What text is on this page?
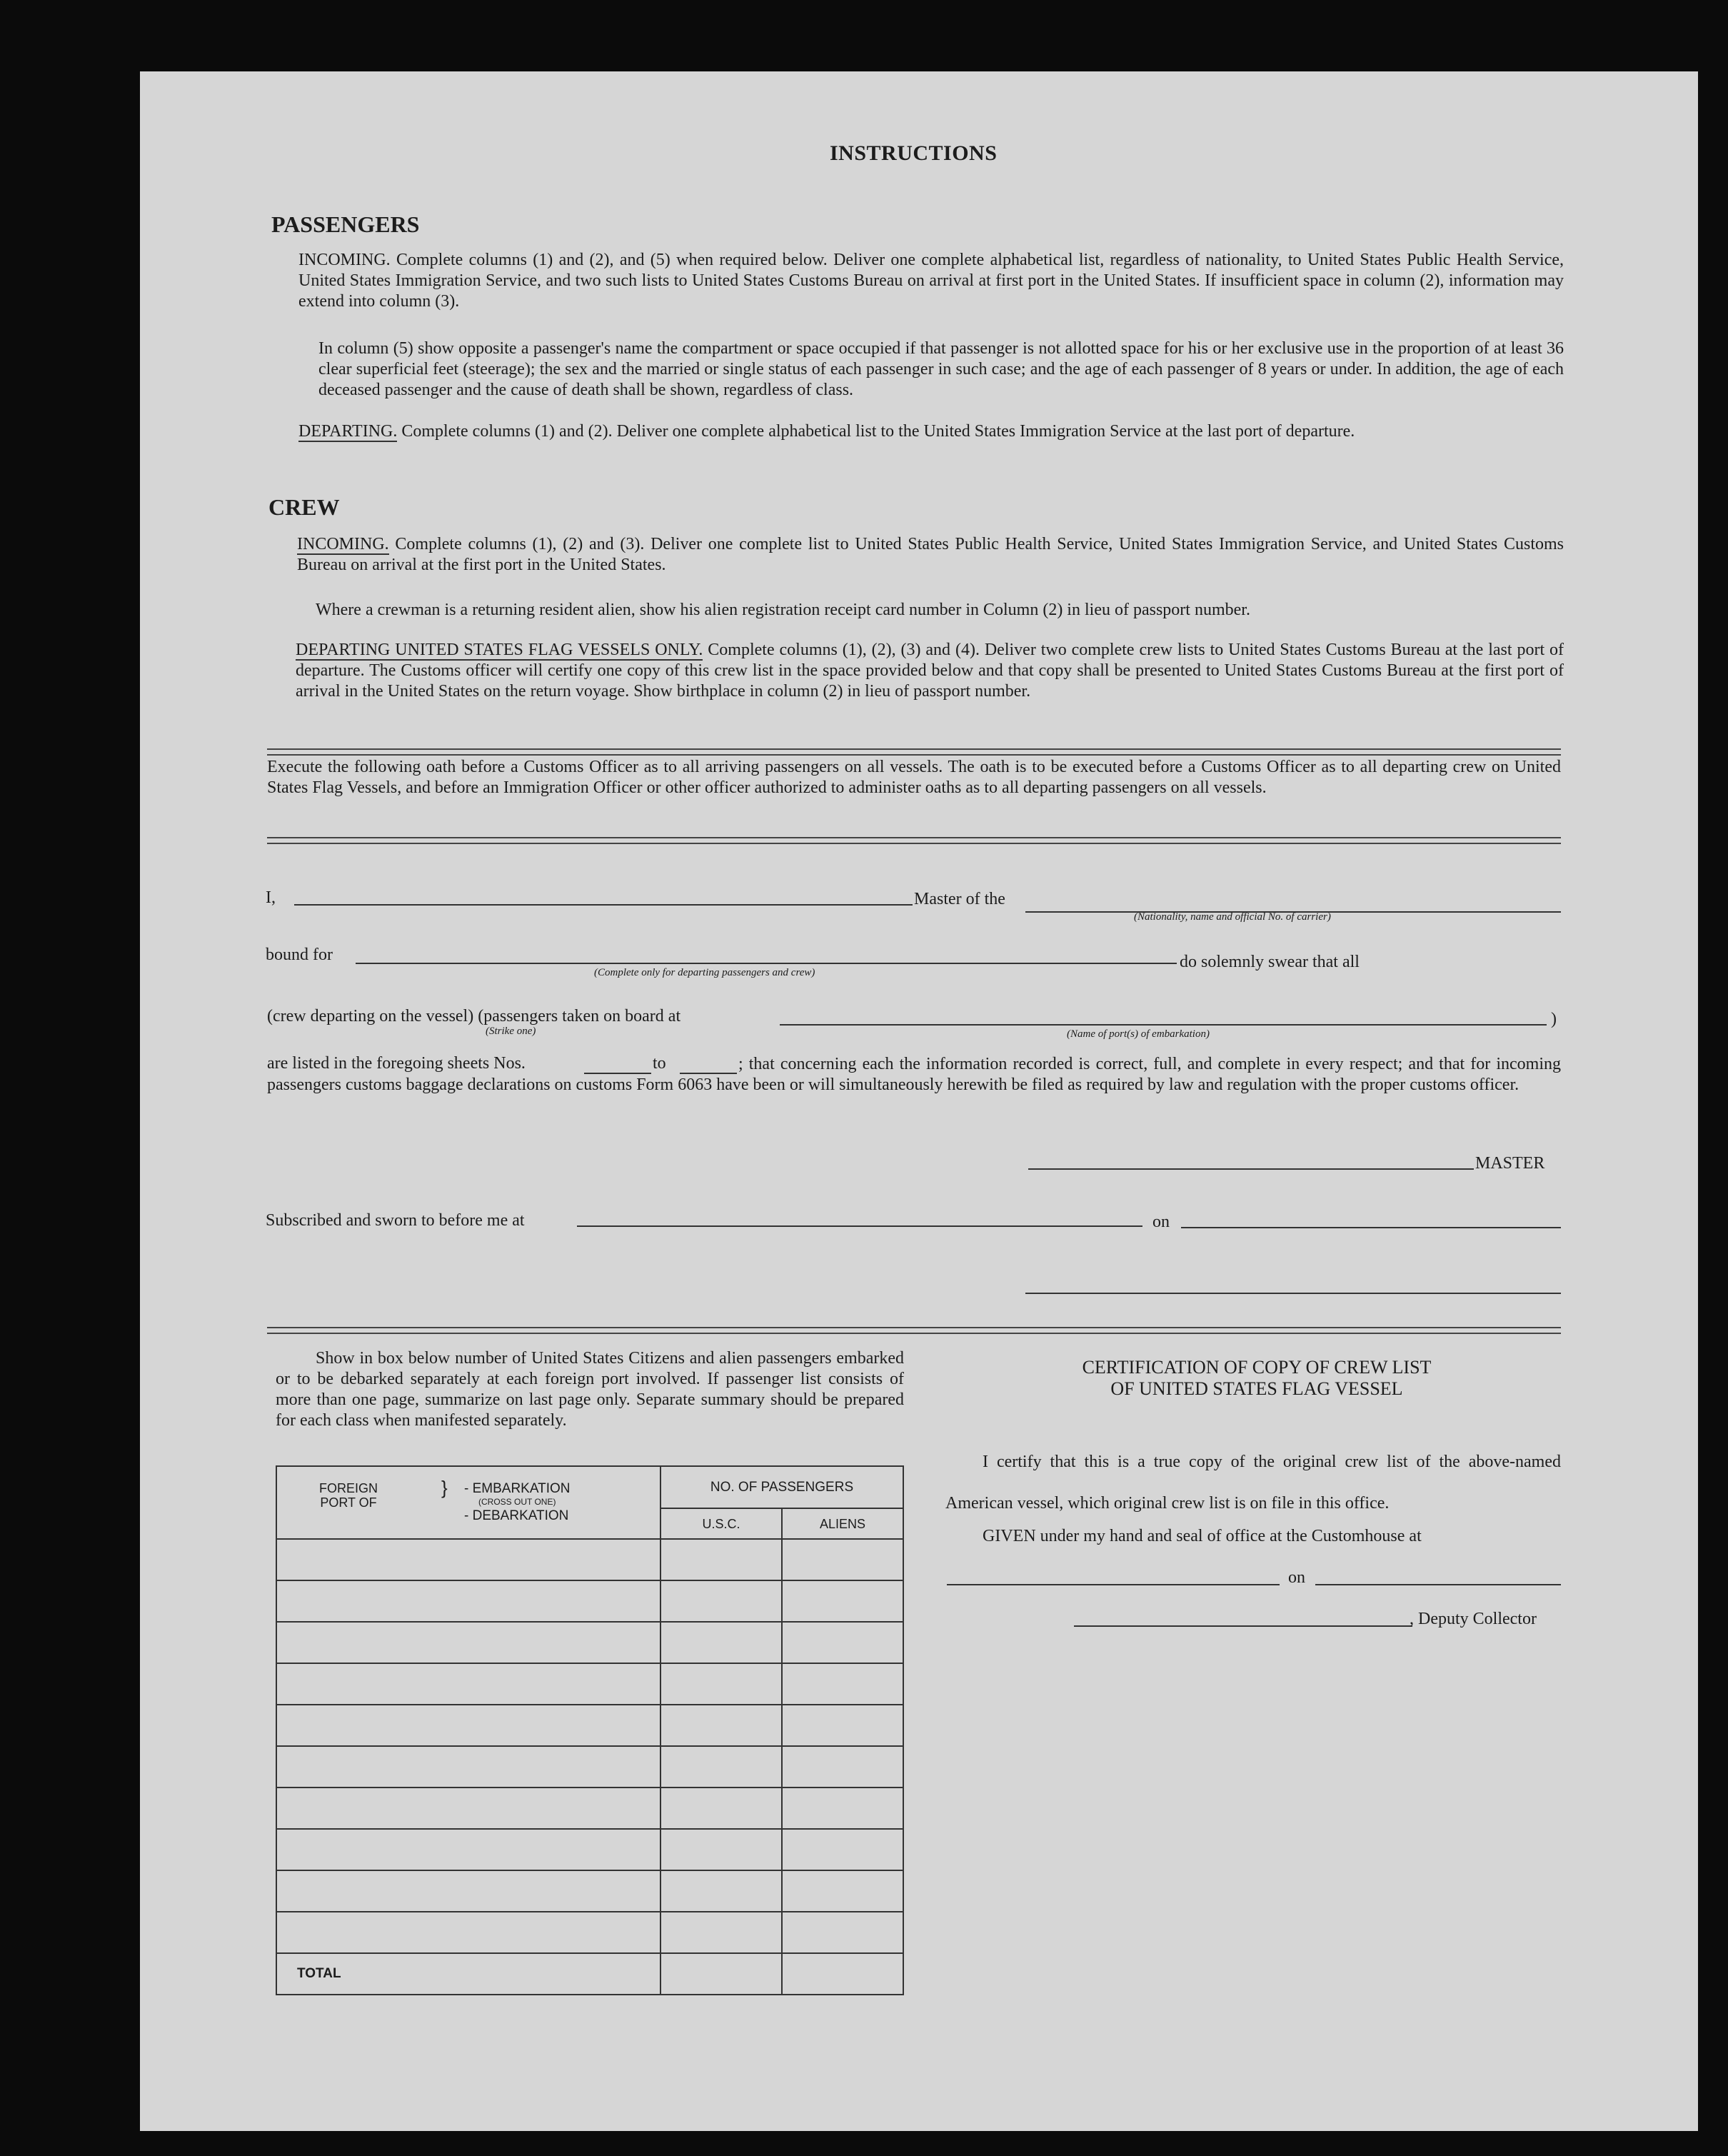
INSTRUCTIONS
PASSENGERS
INCOMING. Complete columns (1) and (2), and (5) when required below. Deliver one complete alphabetical list, regardless of nationality, to United States Public Health Service, United States Immigration Service, and two such lists to United States Customs Bureau on arrival at first port in the United States. If insufficient space in column (2), information may extend into column (3).
In column (5) show opposite a passenger's name the compartment or space occupied if that passenger is not allotted space for his or her exclusive use in the proportion of at least 36 clear superficial feet (steerage); the sex and the married or single status of each passenger in such case; and the age of each passenger of 8 years or under. In addition, the age of each deceased passenger and the cause of death shall be shown, regardless of class.
DEPARTING. Complete columns (1) and (2). Deliver one complete alphabetical list to the United States Immigration Service at the last port of departure.
CREW
INCOMING. Complete columns (1), (2) and (3). Deliver one complete list to United States Public Health Service, United States Immigration Service, and United States Customs Bureau on arrival at the first port in the United States.
Where a crewman is a returning resident alien, show his alien registration receipt card number in Column (2) in lieu of passport number.
DEPARTING UNITED STATES FLAG VESSELS ONLY. Complete columns (1), (2), (3) and (4). Deliver two complete crew lists to United States Customs Bureau at the last port of departure. The Customs officer will certify one copy of this crew list in the space provided below and that copy shall be presented to United States Customs Bureau at the first port of arrival in the United States on the return voyage. Show birthplace in column (2) in lieu of passport number.
Execute the following oath before a Customs Officer as to all arriving passengers on all vessels. The oath is to be executed before a Customs Officer as to all departing crew on United States Flag Vessels, and before an Immigration Officer or other officer authorized to administer oaths as to all departing passengers on all vessels.
I,	Master of the
(Nationality, name and official No. of carrier)
bound for
(Complete only for departing passengers and crew)
do solemnly swear that all
(crew departing on the vessel) (passengers taken on board at
(Strike one)
)
(Name of port(s) of embarkation)
are listed in the foregoing sheets Nos.	to	; that concerning each the information recorded is correct, full, and complete in every respect; and that for incoming passengers customs baggage declarations on customs Form 6063 have been or will simultaneously herewith be filed as required by law and regulation with the proper customs officer.
MASTER
Subscribed and sworn to before me at	on
Show in box below number of United States Citizens and alien passengers embarked or to be debarked separately at each foreign port involved. If passenger list consists of more than one page, summarize on last page only. Separate summary should be prepared for each class when manifested separately.
FOREIGN PORT OF
} - EMBARKATION
(CROSS OUT ONE)
- DEBARKATION	NO. OF PASSENGERS	
	U.S.C.	ALIENS

TOTAL		
CERTIFICATION OF COPY OF CREW LIST
OF UNITED STATES FLAG VESSEL
I certify that this is a true copy of the original crew list of the above-named American vessel, which original crew list is on file in this office.
GIVEN under my hand and seal of office at the Customhouse at
on
, Deputy Collector
